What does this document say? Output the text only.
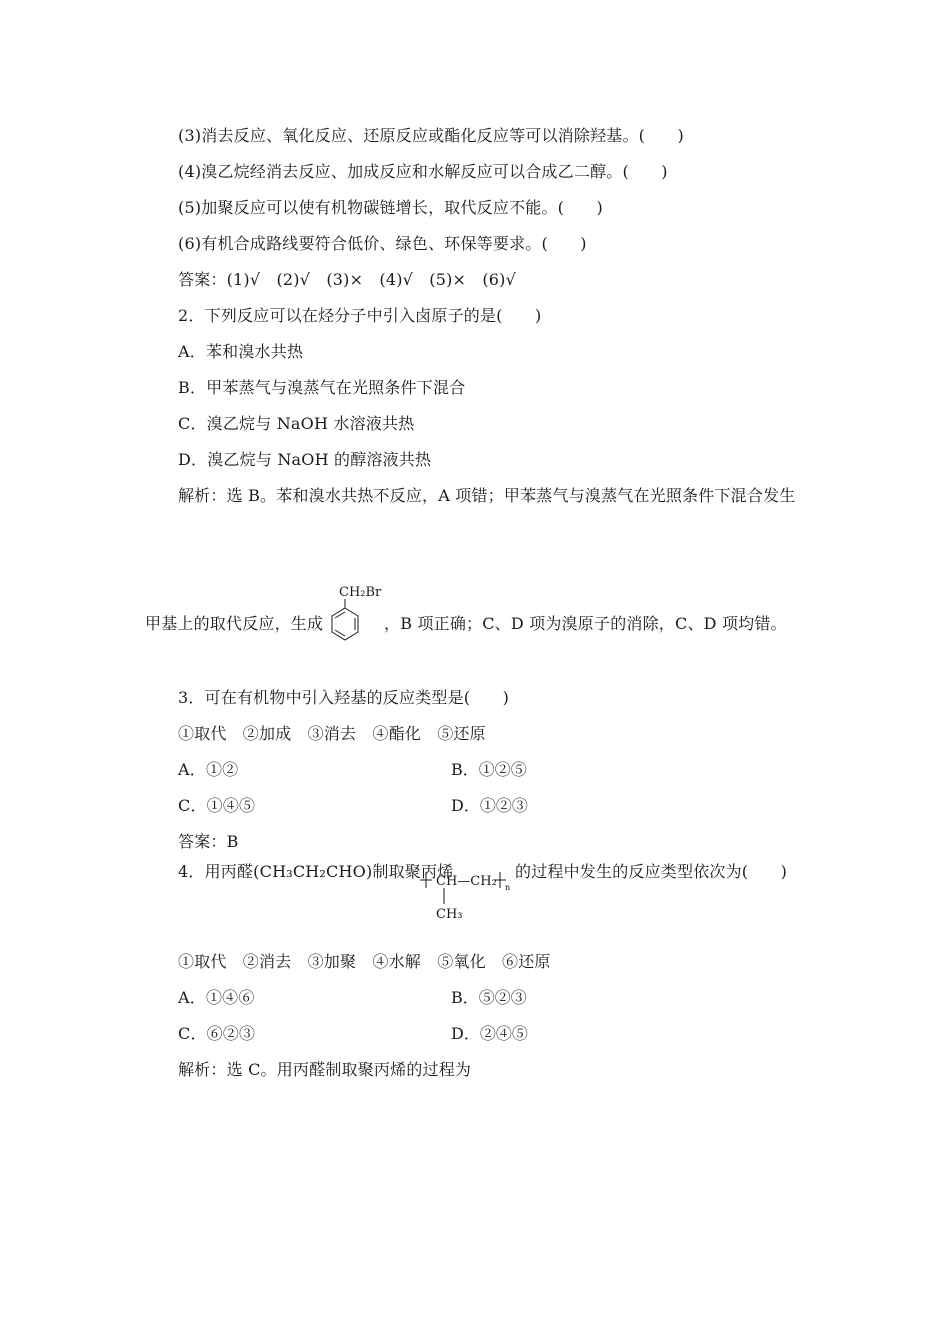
(3)消去反应、氧化反应、还原反应或酯化反应等可以消除羟基。(　　)
(4)溴乙烷经消去反应、加成反应和水解反应可以合成乙二醇。(　　)
(5)加聚反应可以使有机物碳链增长，取代反应不能。(　　)
(6)有机合成路线要符合低价、绿色、环保等要求。(　　)
答案：(1)√　(2)√　(3)×　(4)√　(5)×　(6)√
2．下列反应可以在烃分子中引入卤原子的是(　　)
A．苯和溴水共热
B．甲苯蒸气与溴蒸气在光照条件下混合
C．溴乙烷与 NaOH 水溶液共热
D．溴乙烷与 NaOH 的醇溶液共热
解析：选 B。苯和溴水共热不反应，A 项错；甲苯蒸气与溴蒸气在光照条件下混合发生
甲基上的取代反应，生成
CH₂Br
，B 项正确；C、D 项为溴原子的消除，C、D 项均错。
3．可在有机物中引入羟基的反应类型是(　　)
①取代　②加成　③消去　④酯化　⑤还原
A．①②	B．①②⑤
C．①④⑤	D．①②③
答案：B
4．用丙醛(CH₃CH₂CHO)制取聚丙烯
CH—CH₂ n
CH₃
的过程中发生的反应类型依次为(　　)
①取代　②消去　③加聚　④水解　⑤氧化　⑥还原
A．①④⑥	B．⑤②③
C．⑥②③	D．②④⑤
解析：选 C。用丙醛制取聚丙烯的过程为
